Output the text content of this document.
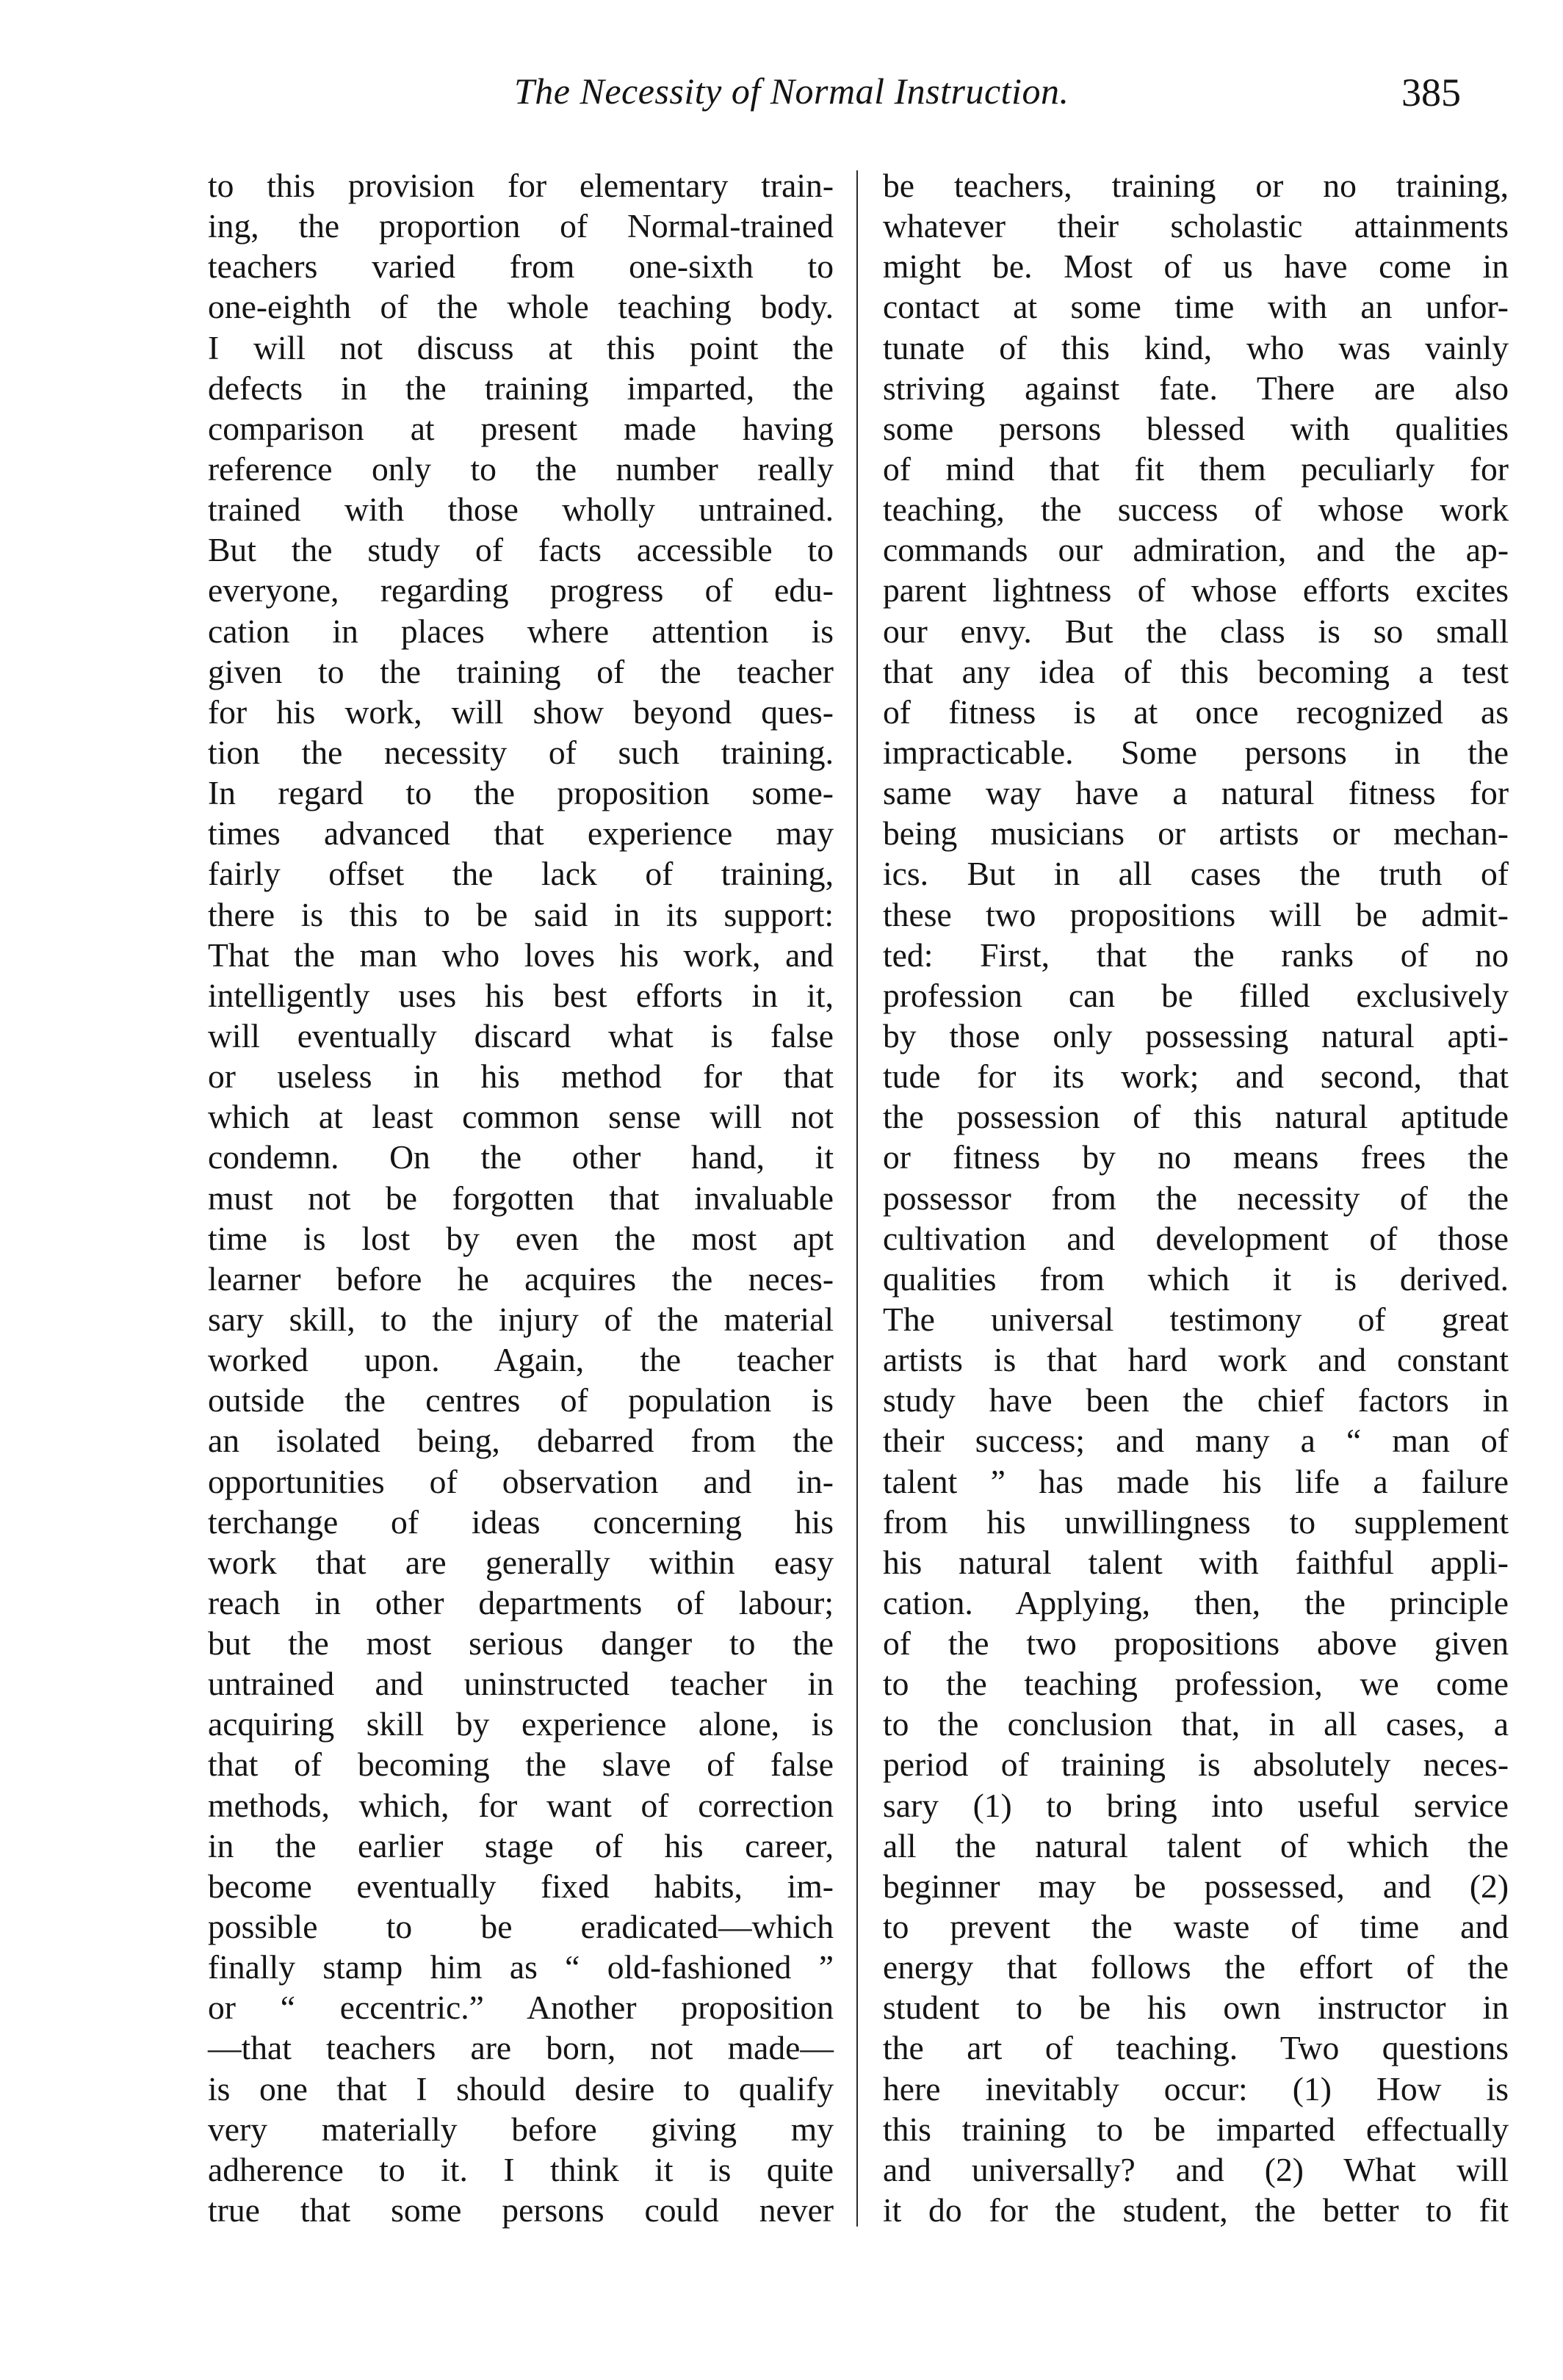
The Necessity of Normal Instruction.	385
to this provision for elementary train-
ing, the proportion of Normal-trained
teachers varied from one-sixth to
one-eighth of the whole teaching body.
I will not discuss at this point the
defects in the training imparted, the
comparison at present made having
reference only to the number really
trained with those wholly untrained.
But the study of facts accessible to
everyone, regarding progress of edu-
cation in places where attention is
given to the training of the teacher
for his work, will show beyond ques-
tion the necessity of such training.
In regard to the proposition some-
times advanced that experience may
fairly offset the lack of training,
there is this to be said in its support:
That the man who loves his work, and
intelligently uses his best efforts in it,
will eventually discard what is false
or useless in his method for that
which at least common sense will not
condemn. On the other hand, it
must not be forgotten that invaluable
time is lost by even the most apt
learner before he acquires the neces-
sary skill, to the injury of the material
worked upon. Again, the teacher
outside the centres of population is
an isolated being, debarred from the
opportunities of observation and in-
terchange of ideas concerning his
work that are generally within easy
reach in other departments of labour;
but the most serious danger to the
untrained and uninstructed teacher in
acquiring skill by experience alone, is
that of becoming the slave of false
methods, which, for want of correction
in the earlier stage of his career,
become eventually fixed habits, im-
possible to be eradicated—which
finally stamp him as “ old-fashioned ”
or “ eccentric.” Another proposition
—that teachers are born, not made—
is one that I should desire to qualify
very materially before giving my
adherence to it. I think it is quite
true that some persons could never
be teachers, training or no training,
whatever their scholastic attainments
might be. Most of us have come in
contact at some time with an unfor-
tunate of this kind, who was vainly
striving against fate. There are also
some persons blessed with qualities
of mind that fit them peculiarly for
teaching, the success of whose work
commands our admiration, and the ap-
parent lightness of whose efforts excites
our envy. But the class is so small
that any idea of this becoming a test
of fitness is at once recognized as
impracticable. Some persons in the
same way have a natural fitness for
being musicians or artists or mechan-
ics. But in all cases the truth of
these two propositions will be admit-
ted: First, that the ranks of no
profession can be filled exclusively
by those only possessing natural apti-
tude for its work; and second, that
the possession of this natural aptitude
or fitness by no means frees the
possessor from the necessity of the
cultivation and development of those
qualities from which it is derived.
The universal testimony of great
artists is that hard work and constant
study have been the chief factors in
their success; and many a “ man of
talent ” has made his life a failure
from his unwillingness to supplement
his natural talent with faithful appli-
cation. Applying, then, the principle
of the two propositions above given
to the teaching profession, we come
to the conclusion that, in all cases, a
period of training is absolutely neces-
sary (1) to bring into useful service
all the natural talent of which the
beginner may be possessed, and (2)
to prevent the waste of time and
energy that follows the effort of the
student to be his own instructor in
the art of teaching. Two questions
here inevitably occur: (1) How is
this training to be imparted effectually
and universally? and (2) What will
it do for the student, the better to fit
